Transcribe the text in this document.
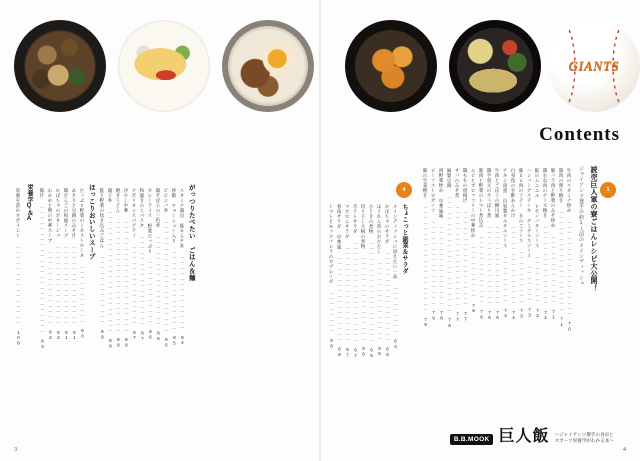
GIANTS
Contents
1
読売巨人軍の寮ごはんレシピ大公開！
ジャイアンツ選手の約1人前のメインディッシュ
牛肉のスタミナ炒め ……………………………………………… 70
鶏肉の照り焼き ………………………………………………… 71
豚バラ肉と野菜のみそ炒め ………………………………… 71
鶏むね肉のチーズ焼き ……………………………………… 72
鮭のムニエル レモンバターソース ……………………… 72
ハンバーグステーキ デミグラスソース ………………… 73
豚ヒレ肉のソテー きのこソース ………………………… 73
白身魚の甘酢あんかけ ……………………………………… 74
チキン南蛮 自家製タルタルソース ……………………… 74
牛肉とごぼうの柳川風 ……………………………………… 75
鶏手羽元のさっぱり煮 ……………………………………… 75
豚肉と野菜のトマト煮込み ………………………………… 76
エビとブロッコリーの中華炒め ………………………… 76
鶏ももの唐揚げ ……………………………………………… 77
サバのみそ煮 ………………………………………………… 77
麻婆豆腐 ………………………………………………………… 78
肉野菜炒め 中華風味 ……………………………………… 78
ビーフストロガノフ ………………………………………… 79
豚の生姜焼き …………………………………………………… 79
4
ちょこっと副菜＆サラダ
メインディッシュに添えたい一品 ……………………… 64
かぼちゃのサラダ …………………………………………… 65
ほうれん草のおひたし ……………………………………… 65
ひじきの煮物 ………………………………………………… 66
切り干し大根の煮物 ………………………………………… 66
ポテトサラダ ………………………………………………… 67
マカロニサラダ ……………………………………………… 67
春雨サラダ 中華風 ………………………………………… 68
トマトとモッツァレラのカプレーゼ …………………… 68
がっつりたべたい ごはん＆麺
スタミナ満点 豚キムチ丼 …………………………………… 84
炒飯 チャーシュー入り ……………………………………… 85
ビビンバ丼 ……………………………………………………… 85
鶏そぼろの三色丼 …………………………………………… 86
カレーライス 野菜たっぷり ……………………………… 86
和風きのこパスタ …………………………………………… 87
ナポリタンスパゲティ ……………………………………… 87
冷やし中華 ……………………………………………………… 88
焼きうどん ……………………………………………………… 88
親子丼 …………………………………………………………… 89
鮭と野菜の炊き込みごはん ………………………………… 89
ほっこりおいしいスープ
たっぷり野菜のミネストローネ …………………………… 80
あさりと豆腐のみそ汁 ……………………………………… 81
鶏だんごの和風スープ ……………………………………… 81
かぼちゃのポタージュ ……………………………………… 82
わかめと卵の中華スープ …………………………………… 82
豚汁 ……………………………………………………………… 83
栄養学Q＆A
栄養を活かすポイント ……………………………………… 108
3	4
B.B.MOOK 巨人飯 ～ジャイアンツ選手の食卓と
スポーツ栄養学がわかる本～
